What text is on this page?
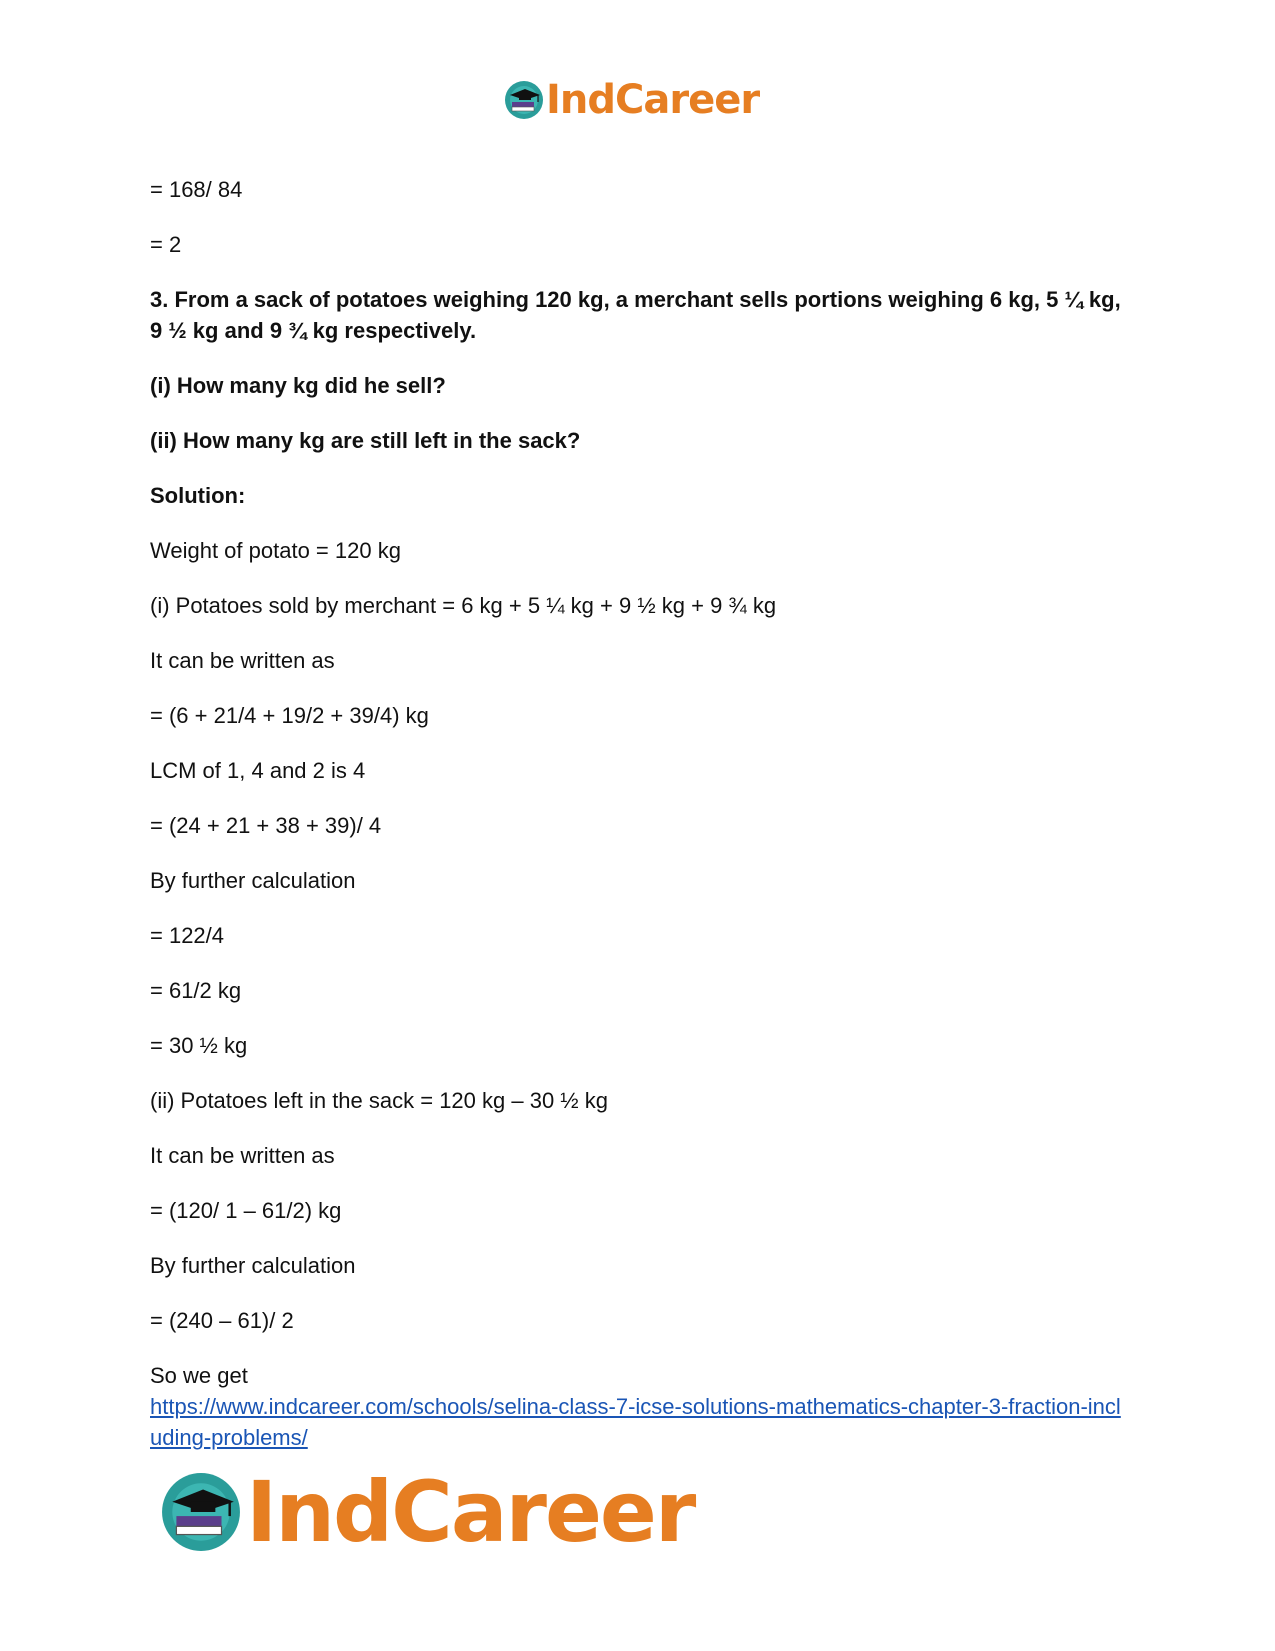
IndCareer

= 168/ 84

= 2

3. From a sack of potatoes weighing 120 kg, a merchant sells portions weighing 6 kg, 5 ¼ kg, 9 ½ kg and 9 ¾ kg respectively.

(i) How many kg did he sell?

(ii) How many kg are still left in the sack?

Solution:

Weight of potato = 120 kg

(i) Potatoes sold by merchant = 6 kg + 5 ¼ kg + 9 ½ kg + 9 ¾ kg

It can be written as

= (6 + 21/4 + 19/2 + 39/4) kg

LCM of 1, 4 and 2 is 4

= (24 + 21 + 38 + 39)/ 4

By further calculation

= 122/4

= 61/2 kg

= 30 ½ kg

(ii) Potatoes left in the sack = 120 kg – 30 ½ kg

It can be written as

= (120/ 1 – 61/2) kg

By further calculation

= (240 – 61)/ 2

So we get

https://www.indcareer.com/schools/selina-class-7-icse-solutions-mathematics-chapter-3-fraction-including-problems/

IndCareer
